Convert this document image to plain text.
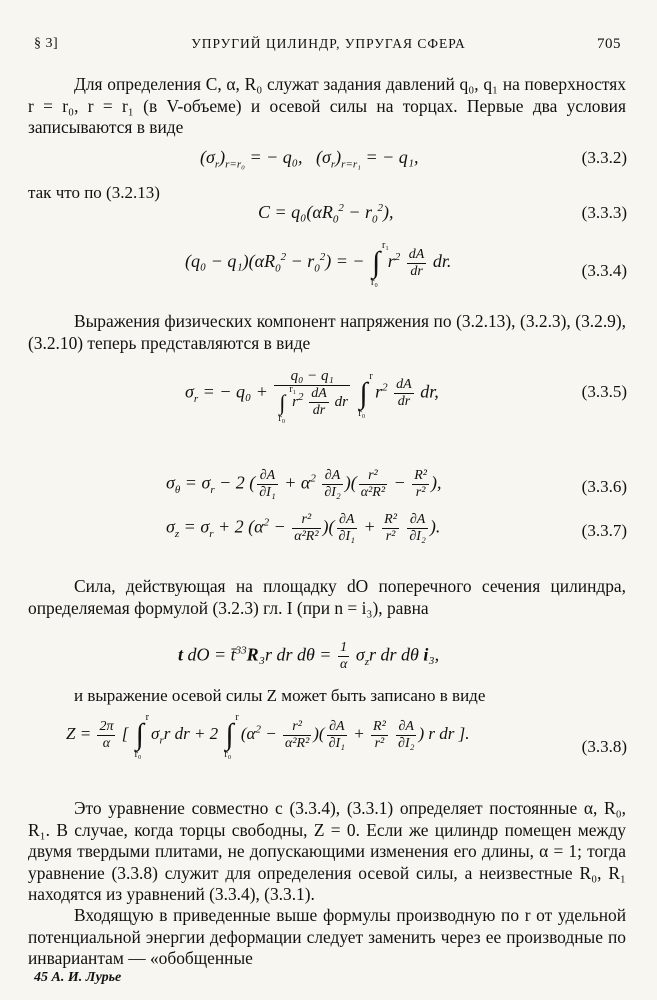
§ 3]	УПРУГИЙ ЦИЛИНДР, УПРУГАЯ СФЕРА	705
Для определения C, α, R₀ служат задания давлений q₀, q₁ на поверхностях r = r₀, r = r₁ (в V-объеме) и осевой силы на торцах. Первые два условия записываются в виде
$(\sigma_r)_{r=r_0}$ = − q₀,   $(\sigma_r)_{r=r_1}$ = − q₁,	(3.3.2)
так что по (3.2.13)
$C = q_0(\alpha R_0^2 - r_0^2)$,	(3.3.3)
$(q_0 - q_1)(\alpha R_0^2 - r_0^2)$ = − ∫
r₁
r₀
$r^2 \frac{dA}{dr}$ dr.	(3.3.4)
Выражения физических компонент напряжения по (3.2.13), (3.2.3), (3.2.9), (3.2.10) теперь представляются в виде
$\sigma_r$ = − q₀ + q₀ − q₁
∫
r₁
r₀
$r^2 \frac{dA}{dr}$ dr ∫
r
r₀
$r^2 \frac{dA}{dr}$ dr,	(3.3.5)
$\sigma_\theta = \sigma_r - 2$ ( $\frac{\partial A}{\text{∂I₁}} + \alpha^2 \frac{\partial A}{\text{∂I₂}}$ )( $\frac{\text{r²}}{\text{α²R²}} - \frac{\text{R²}}{\text{r²}}$ ),	(3.3.6)
$\sigma_z = \sigma_r + 2$ ($\alpha^2 - \frac{\text{r²}}{\text{α²R²}}$ )( $\frac{\partial A}{\text{∂I₁}} + \frac{\text{R²}}{\text{r²}}$
$\frac{\partial A}{\text{∂I₂}}$ ).	(3.3.7)
Сила, действующая на площадку dO поперечного сечения цилиндра, определяемая формулой (3.2.3) гл. I (при n = i₃), равна
t dO = t̄$^{33}$R₃r dr $d\theta = \frac{1}{\alpha} \sigma_zr$ dr dθ i₃,
и выражение осевой силы Z может быть записано в виде
$Z = \frac{2\pi}{\alpha}$ [ ∫
r
r₀
$\sigma_rr$ dr + 2 ∫
r
r₀
($\alpha^2 - \frac{\text{r²}}{\text{α²R²}}$ )( $\frac{\partial A}{\text{∂I₁}} + \frac{\text{R²}}{\text{r²}}$
$\frac{\partial A}{\text{∂I₂}}$ ) r dr ].
(3.3.8)
Это уравнение совместно с (3.3.4), (3.3.1) определяет постоянные α, R₀, R₁. В случае, когда торцы свободны, Z = 0. Если же цилиндр помещен между двумя твердыми плитами, не допускающими изменения его длины, α = 1; тогда уравнение (3.3.8) служит для определения осевой силы, а неизвестные R₀, R₁ находятся из уравнений (3.3.4), (3.3.1).
Входящую в приведенные выше формулы производную по r от удельной потенциальной энергии деформации следует заменить через ее производные по инвариантам — «обобщенные
45 А. И. Лурье
